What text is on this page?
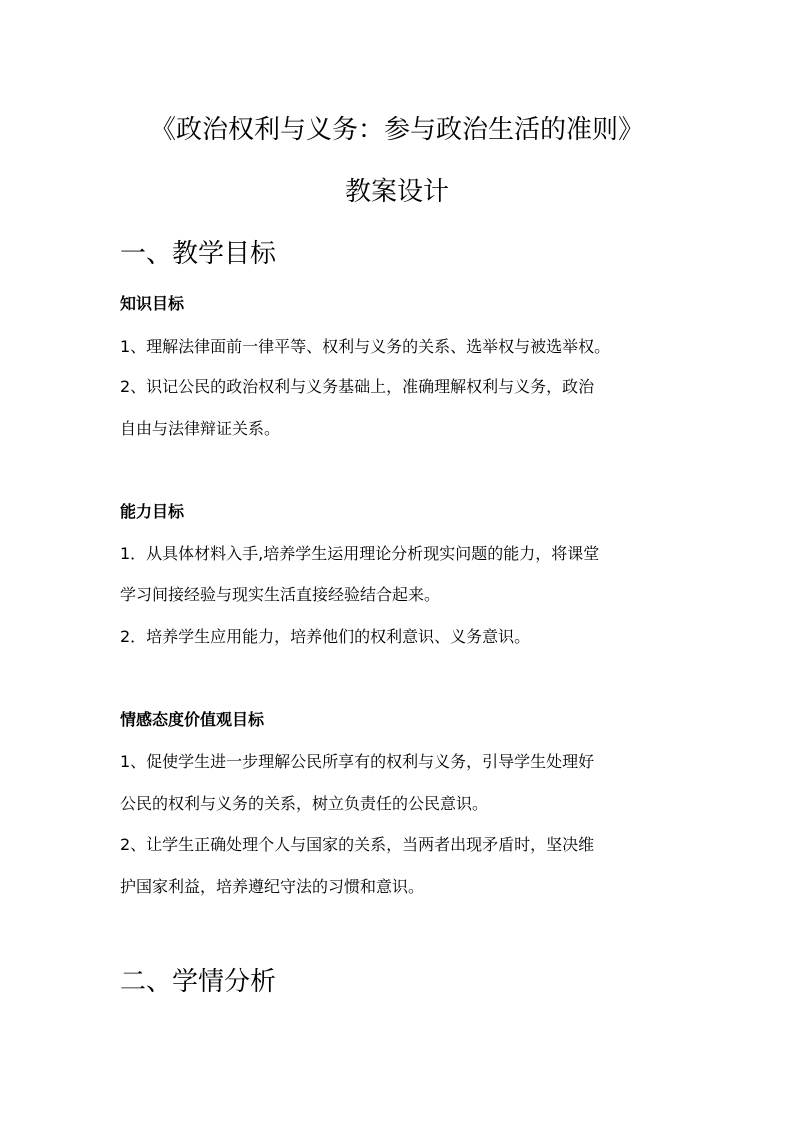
《政治权利与义务：参与政治生活的准则》
教案设计
一、教学目标
知识目标
1、理解法律面前一律平等、权利与义务的关系、选举权与被选举权。
2、识记公民的政治权利与义务基础上，准确理解权利与义务，政治
自由与法律辩证关系。
能力目标
1．从具体材料入手,培养学生运用理论分析现实问题的能力，将课堂
学习间接经验与现实生活直接经验结合起来。
2．培养学生应用能力，培养他们的权利意识、义务意识。
情感态度价值观目标
1、促使学生进一步理解公民所享有的权利与义务，引导学生处理好
公民的权利与义务的关系，树立负责任的公民意识。
2、让学生正确处理个人与国家的关系，当两者出现矛盾时，坚决维
护国家利益，培养遵纪守法的习惯和意识。
二、学情分析
